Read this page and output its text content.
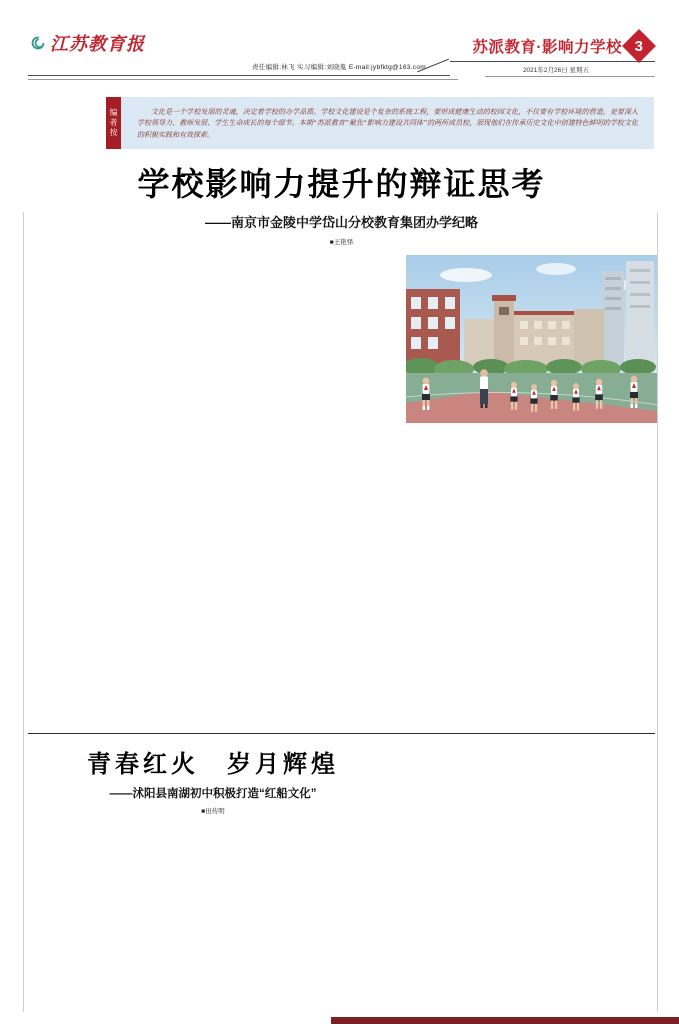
江苏教育报
责任编辑:林飞 实习编辑:刘晓胤 E-mail:jybfktg@163.com
苏派教育·影响力学校 3
2021年2月26日 星期五
编者按	文化是一个学校发展的灵魂，决定着学校的办学品质。学校文化建设是个复杂的系统工程，要形成健康生动的校园文化，不仅要有学校环境的营造，更要深入学校领导力、教师发展、学生生命成长的每个细节。本期“苏派教育”聚焦“影响力建设共同体”的两所成员校，展现他们在传承历史文化中创建特色鲜明的学校文化的积极实践和有效探索。
学校影响力提升的辩证思考
——南京市金陵中学岱山分校教育集团办学纪略
■王艳怿
青春红火　岁月辉煌
——沭阳县南湖初中积极打造“红船文化”
■田传明
